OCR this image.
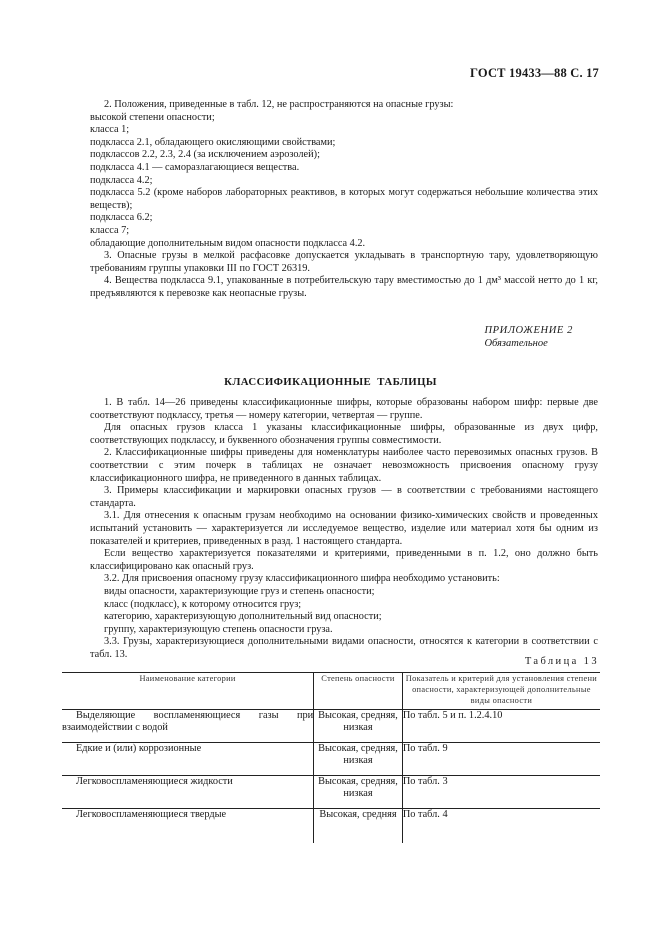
ГОСТ 19433—88 С. 17

2. Положения, приведенные в табл. 12, не распространяются на опасные грузы:

высокой степени опасности;

класса 1;

подкласса 2.1, обладающего окисляющими свойствами;

подклассов 2.2, 2.3, 2.4 (за исключением аэрозолей);

подкласса 4.1 — саморазлагающиеся вещества.

подкласса 4.2;

подкласса 5.2 (кроме наборов лабораторных реактивов, в которых могут содержаться небольшие количества этих веществ);

подкласса 6.2;

класса 7;

обладающие дополнительным видом опасности подкласса 4.2.

3. Опасные грузы в мелкой расфасовке допускается укладывать в транспортную тару, удовлетворяющую требованиям группы упаковки III по ГОСТ 26319.

4. Вещества подкласса 9.1, упакованные в потребительскую тару вместимостью до 1 дм³ массой нетто до 1 кг, предъявляются к перевозке как неопасные грузы.

ПРИЛОЖЕНИЕ 2
Обязательное
КЛАССИФИКАЦИОННЫЕ  ТАБЛИЦЫ

1. В табл. 14—26 приведены классификационные шифры, которые образованы набором шифр: первые две соответствуют подклассу, третья — номеру категории, четвертая — группе.

Для опасных грузов класса 1 указаны классификационные шифры, образованные из двух цифр, соответствующих подклассу, и буквенного обозначения группы совместимости.

2. Классификационные шифры приведены для номенклатуры наиболее часто перевозимых опасных грузов. В соответствии с этим почерк в таблицах не означает невозможность присвоения опасному грузу классификационного шифра, не приведенного в данных таблицах.

3. Примеры классификации и маркировки опасных грузов — в соответствии с требованиями настоящего стандарта.

3.1. Для отнесения к опасным грузам необходимо на основании физико-химических свойств и проведенных испытаний установить — характеризуется ли исследуемое вещество, изделие или материал хотя бы одним из показателей и критериев, приведенных в разд. 1 настоящего стандарта.

Если вещество характеризуется показателями и критериями, приведенными в п. 1.2, оно должно быть классифицировано как опасный груз.

3.2. Для присвоения опасному грузу классификационного шифра необходимо установить:

виды опасности, характеризующие груз и степень опасности;

класс (подкласс), к которому относится груз;

категорию, характеризующую дополнительный вид опасности;

группу, характеризующую степень опасности груза.

3.3. Грузы, характеризующиеся дополнительными видами опасности, относятся к категории в соответствии с табл. 13.

Таблица 13
Наименование категории	Степень опасности	Показатель и критерий для установления степени опасности, характеризующей дополнительные виды опасности
Выделяющие воспламеняющиеся газы при взаимодействии с водой	Высокая, средняя, низкая	По табл. 5 и п. 1.2.4.10
Едкие и (или) коррозионные	Высокая, средняя, низкая	По табл. 9
Легковоспламеняющиеся жидкости	Высокая, средняя, низкая	По табл. 3
Легковоспламеняющиеся твердые	Высокая, средняя	По табл. 4
